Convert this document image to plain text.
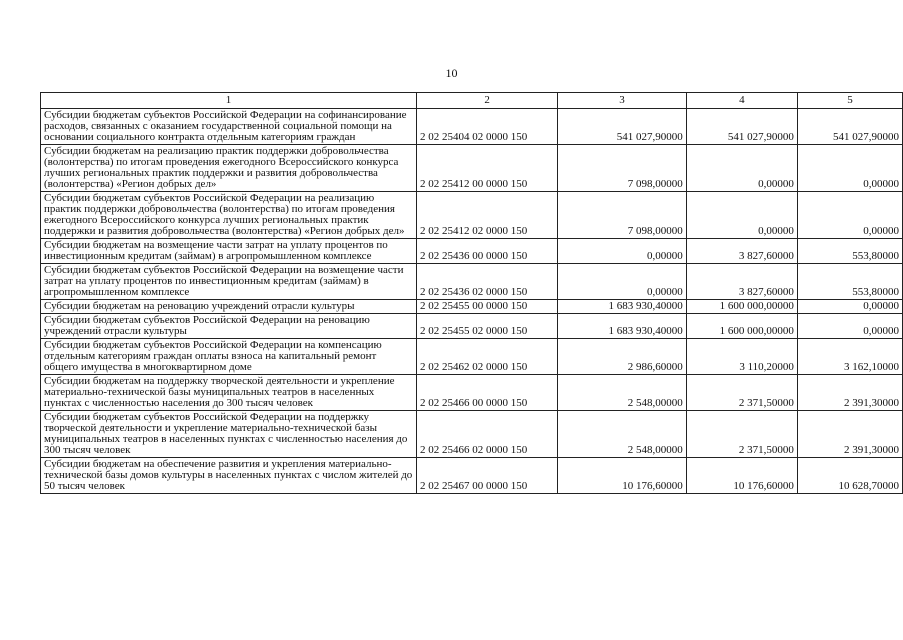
10
1	2	3	4	5
Субсидии бюджетам субъектов Российской Федерации на софинансирование расходов, связанных с оказанием государственной социальной помощи на основании социального контракта отдельным категориям граждан	2 02 25404 02 0000 150	541 027,90000	541 027,90000	541 027,90000
Субсидии бюджетам на реализацию практик поддержки добровольчества (волонтерства) по итогам проведения ежегодного Всероссийского конкурса лучших региональных практик поддержки и развития добровольчества (волонтерства) «Регион добрых дел»	2 02 25412 00 0000 150	7 098,00000	0,00000	0,00000
Субсидии бюджетам субъектов Российской Федерации на реализацию практик поддержки добровольчества (волонтерства) по итогам проведения ежегодного Всероссийского конкурса лучших региональных практик поддержки и развития добровольчества (волонтерства) «Регион добрых дел»	2 02 25412 02 0000 150	7 098,00000	0,00000	0,00000
Субсидии бюджетам на возмещение части затрат на уплату процентов по инвестиционным кредитам (займам) в агропромышленном комплексе	2 02 25436 00 0000 150	0,00000	3 827,60000	553,80000
Субсидии бюджетам субъектов Российской Федерации на возмещение части затрат на уплату процентов по инвестиционным кредитам (займам) в агропромышленном комплексе	2 02 25436 02 0000 150	0,00000	3 827,60000	553,80000
Субсидии бюджетам на реновацию учреждений отрасли культуры	2 02 25455 00 0000 150	1 683 930,40000	1 600 000,00000	0,00000
Субсидии бюджетам субъектов Российской Федерации на реновацию учреждений отрасли культуры	2 02 25455 02 0000 150	1 683 930,40000	1 600 000,00000	0,00000
Субсидии бюджетам субъектов Российской Федерации на компенсацию отдельным категориям граждан оплаты взноса на капитальный ремонт общего имущества в многоквартирном доме	2 02 25462 02 0000 150	2 986,60000	3 110,20000	3 162,10000
Субсидии бюджетам на поддержку творческой деятельности и укрепление материально-технической базы муниципальных театров в населенных пунктах с численностью населения до 300 тысяч человек	2 02 25466 00 0000 150	2 548,00000	2 371,50000	2 391,30000
Субсидии бюджетам субъектов Российской Федерации на поддержку творческой деятельности и укрепление материально-технической базы муниципальных театров в населенных пунктах с численностью населения до 300 тысяч человек	2 02 25466 02 0000 150	2 548,00000	2 371,50000	2 391,30000
Субсидии бюджетам на обеспечение развития и укрепления материально-технической базы домов культуры в населенных пунктах с числом жителей до 50 тысяч человек	2 02 25467 00 0000 150	10 176,60000	10 176,60000	10 628,70000
